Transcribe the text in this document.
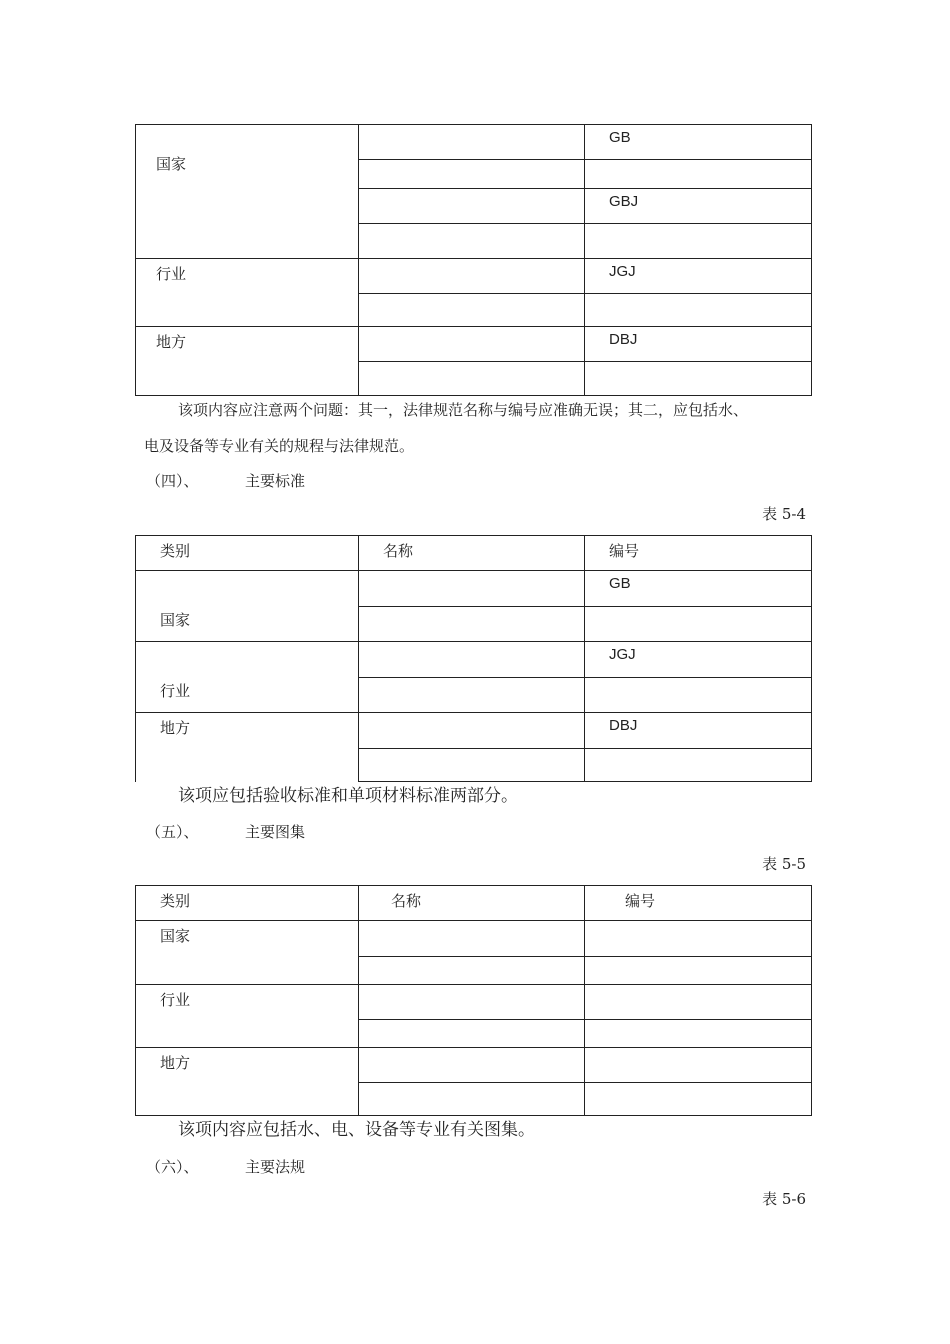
国家		GB

		GBJ

行业		JGJ

地方		DBJ

该项内容应注意两个问题：其一，法律规范名称与编号应准确无误；其二，应包括水、
电及设备等专业有关的规程与法律规范。
（四）、	主要标准
表 5-4
类别	名称	编号
国家		GB

行业		JGJ

地方		DBJ

该项应包括验收标准和单项材料标准两部分。
（五）、	主要图集
表 5-5
类别	名称	编号
国家		

行业		

地方		

该项内容应包括水、电、设备等专业有关图集。
（六）、	主要法规
表 5-6
